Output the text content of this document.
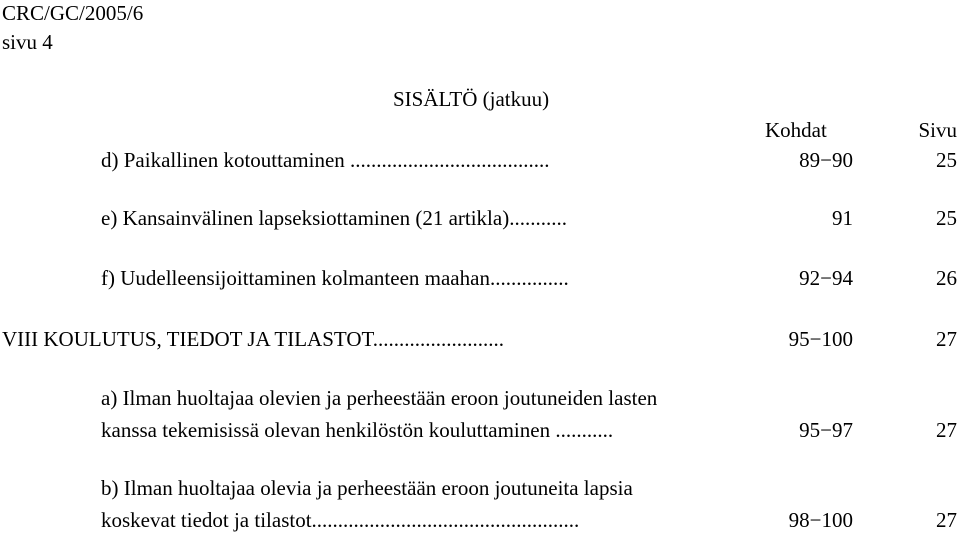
CRC/GC/2005/6
sivu 4
SISÄLTÖ (jatkuu)
Kohdat	Sivu
d) Paikallinen kotouttaminen ......................................	89−90	25
e) Kansainvälinen lapseksiottaminen (21 artikla)...........	91	25
f) Uudelleensijoittaminen kolmanteen maahan...............	92−94	26
VIII KOULUTUS, TIEDOT JA TILASTOT.........................	95−100	27
a) Ilman huoltajaa olevien ja perheestään eroon joutuneiden lasten
kanssa tekemisissä olevan henkilöstön kouluttaminen ...........	95−97	27
b) Ilman huoltajaa olevia ja perheestään eroon joutuneita lapsia
koskevat tiedot ja tilastot...................................................	98−100	27
